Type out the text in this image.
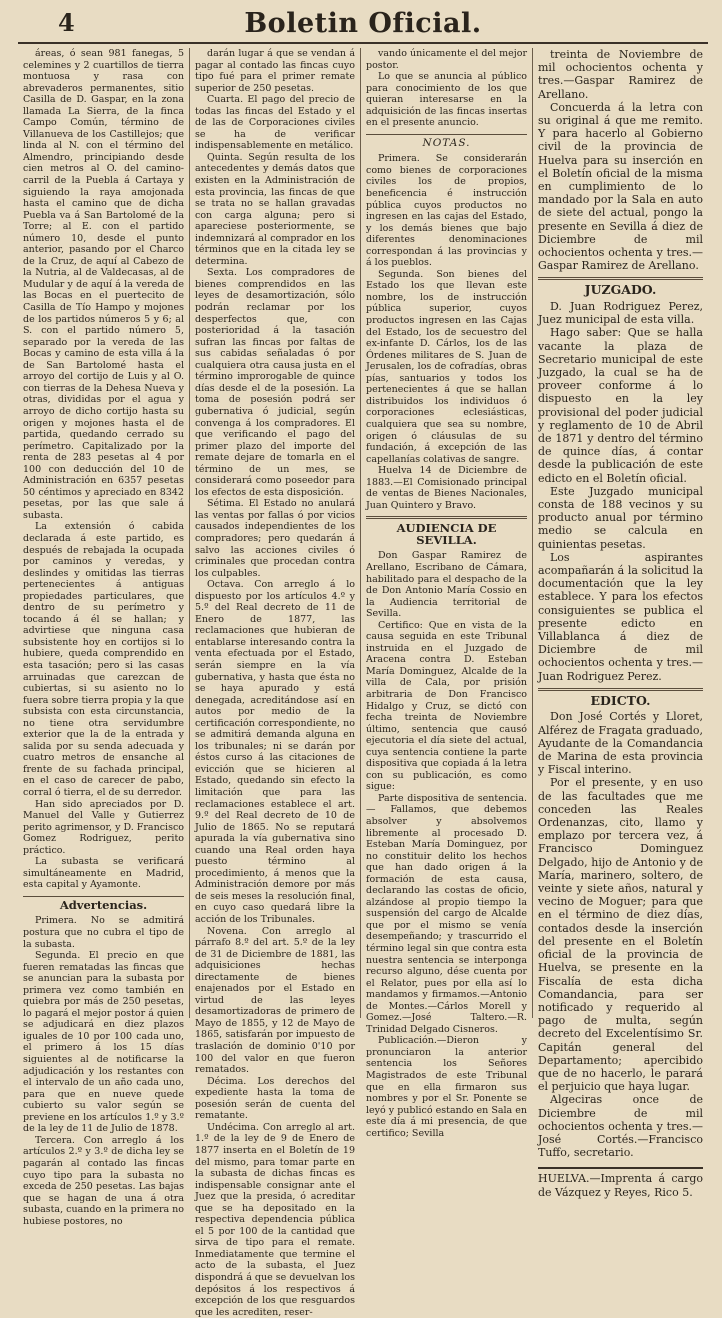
4	Boletin Oficial.

áreas, ó sean 981 fanegas, 5 celemines y 2 cuartillos de tierra montuosa y rasa con abrevaderos permanentes, sitio Casilla de D. Gaspar, en la zona llamada La Sierra, de la finca Campo Común, término de Villanueva de los Castillejos; que linda al N. con el término del Almendro, principiando desde cien metros al O. del camino-carril de la Puebla á Cartaya y siguiendo la raya amojonada hasta el camino que de dicha Puebla va á San Bartolomé de la Torre; al E. con el partido número 10, desde el punto anterior, pasando por el Charco de la Cruz, de aquí al Cabezo de la Nutria, al de Valdecasas, al de Mudular y de aquí á la vereda de las Bocas en el puertecito de Casilla de Tío Hampo y mojones de los partidos números 5 y 6; al S. con el partido número 5, separado por la vereda de las Bocas y camino de esta villa á la de San Bartolomé hasta el arroyo del cortijo de Luis y al O. con tierras de la Dehesa Nueva y otras, divididas por el agua y arroyo de dicho cortijo hasta su origen y mojones hasta el de partida, quedando cerrado su perímetro. Capitalizado por la renta de 283 pesetas al 4 por 100 con deducción del 10 de Administración en 6357 pesetas 50 céntimos y apreciado en 8342 pesetas, por las que sale á subasta.

La extensión ó cabida declarada á este partido, es después de rebajada la ocupada por caminos y veredas, y deslindes y omitidas las tierras pertenecientes á antiguas propiedades particulares, que dentro de su perímetro y tocando á él se hallan; y advirtiese que ninguna casa subsistente hoy en cortijos si lo hubiere, queda comprendido en esta tasación; pero si las casas arruinadas que carezcan de cubiertas, si su asiento no lo fuera sobre tierra propia y la que subsista con esta circunstancia, no tiene otra servidumbre exterior que la de la entrada y salida por su senda adecuada y cuatro metros de ensanche al frente de su fachada principal, en el caso de carecer de pabo, corral ó tierra, el de su derredor.

Han sido apreciados por D. Manuel del Valle y Gutierrez perito agrimensor, y D. Francisco Gomez Rodriguez, perito práctico.

La subasta se verificará simultáneamente en Madrid, esta capital y Ayamonte.

Advertencias.

Primera. No se admitirá postura que no cubra el tipo de la subasta.

Segunda. El precio en que fueren rematadas las fincas que se anuncian para la subasta por primera vez como también en quiebra por más de 250 pesetas, lo pagará el mejor postor á quien se adjudicará en diez plazos iguales de 10 por 100 cada uno, el primero á los 15 días siguientes al de notificarse la adjudicación y los restantes con el intervalo de un año cada uno, para que en nueve quede cubierto su valor según se previene en los artículos 1.º y 3.º de la ley de 11 de Julio de 1878.

Tercera. Con arreglo á los artículos 2.º y 3.º de dicha ley se pagarán al contado las fincas cuyo tipo para la subasta no exceda de 250 pesetas. Las bajas que se hagan de una á otra subasta, cuando en la primera no hubiese postores, no

darán lugar á que se vendan á pagar al contado las fincas cuyo tipo fué para el primer remate superior de 250 pesetas.

Cuarta. El pago del precio de todas las fincas del Estado y el de las de Corporaciones civiles se ha de verificar indispensablemente en metálico.

Quinta. Según resulta de los antecedentes y demás datos que existen en la Administración de esta provincia, las fincas de que se trata no se hallan gravadas con carga alguna; pero si apareciese posteriormente, se indemnizará al comprador en los términos que en la citada ley se determina.

Sexta. Los compradores de bienes comprendidos en las leyes de desamortización, sólo podrán reclamar por los desperfectos que, con posterioridad á la tasación sufran las fincas por faltas de sus cabidas señaladas ó por cualquiera otra causa justa en el término improrogable de quince días desde el de la posesión. La toma de posesión podrá ser gubernativa ó judicial, según convenga á los compradores. El que verificando el pago del primer plazo del importe del remate dejare de tomarla en el término de un mes, se considerará como poseedor para los efectos de esta disposición.

Sétima. El Estado no anulará las ventas por fallas ó por vicios causados independientes de los compradores; pero quedarán á salvo las acciones civiles ó criminales que procedan contra los culpables.

Octava. Con arreglo á lo dispuesto por los artículos 4.º y 5.º del Real decreto de 11 de Enero de 1877, las reclamaciones que hubieran de entablarse interesando contra la venta efectuada por el Estado, serán siempre en la vía gubernativa, y hasta que ésta no se haya apurado y está denegada, acreditándose así en autos por medio de la certificación correspondiente, no se admitirá demanda alguna en los tribunales; ni se darán por éstos curso á las citaciones de evicción que se hicieren al Estado, quedando sin efecto la limitación que para las reclamaciones establece el art. 9.º del Real decreto de 10 de Julio de 1865. No se reputará apurada la vía gubernativa sino cuando una Real orden haya puesto término al procedimiento, á menos que la Administración demore por más de seis meses la resolución final, en cuyo caso quedará libre la acción de los Tribunales.

Novena. Con arreglo al párrafo 8.º del art. 5.º de la ley de 31 de Diciembre de 1881, las adquisiciones hechas directamente de bienes enajenados por el Estado en virtud de las leyes desamortizadoras de primero de Mayo de 1855, y 12 de Mayo de 1865, satisfarán por impuesto de traslación de dominio 0'10 por 100 del valor en que fueron rematados.

Décima. Los derechos del expediente hasta la toma de posesión serán de cuenta del rematante.

Undécima. Con arreglo al art. 1.º de la ley de 9 de Enero de 1877 inserta en el Boletín de 19 del mismo, para tomar parte en la subasta de dichas fincas es indispensable consignar ante el Juez que la presida, ó acreditar que se ha depositado en la respectiva dependencia pública el 5 por 100 de la cantidad que sirva de tipo para el remate. Inmediatamente que termine el acto de la subasta, el Juez dispondrá á que se devuelvan los depósitos á los respectivos á excepción de los que resguardos que les acrediten, reser-

vando únicamente el del mejor postor.

Lo que se anuncia al público para conocimiento de los que quieran interesarse en la adquisición de las fincas insertas en el presente anuncio.

NOTAS.

Primera. Se considerarán como bienes de corporaciones civiles los de propios, beneficencia é instrucción pública cuyos productos no ingresen en las cajas del Estado, y los demás bienes que bajo diferentes denominaciones correspondan á las provincias y á los pueblos.

Segunda. Son bienes del Estado los que llevan este nombre, los de instrucción pública superior, cuyos productos ingresen en las Cajas del Estado, los de secuestro del ex-infante D. Cárlos, los de las Órdenes militares de S. Juan de Jerusalen, los de cofradías, obras pías, santuarios y todos los pertenecientes á que se hallan distribuidos los individuos ó corporaciones eclesiásticas, cualquiera que sea su nombre, origen ó cláusulas de su fundación, á excepción de las capellanías colativas de sangre.

Huelva 14 de Diciembre de 1883.—El Comisionado principal de ventas de Bienes Nacionales, Juan Quintero y Bravo.

AUDIENCIA DE SEVILLA.

Don Gaspar Ramirez de Arellano, Escribano de Cámara, habilitado para el despacho de la de Don Antonio María Cossio en la Audiencia territorial de Sevilla.

Certifico: Que en vista de la causa seguida en este Tribunal instruida en el Juzgado de Aracena contra D. Esteban María Dominguez, Alcalde de la villa de Cala, por prisión arbitraria de Don Francisco Hidalgo y Cruz, se dictó con fecha treinta de Noviembre último, sentencia que causó ejecutoria el día siete del actual, cuya sentencia contiene la parte dispositiva que copiada á la letra con su publicación, es como sigue:

Parte dispositiva de sentencia.— Fallamos, que debemos absolver y absolvemos libremente al procesado D. Esteban María Dominguez, por no constituir delito los hechos que han dado origen á la formación de esta causa, declarando las costas de oficio, alzándose al propio tiempo la suspensión del cargo de Alcalde que por el mismo se venía desempeñando; y trascurrido el término legal sin que contra esta nuestra sentencia se interponga recurso alguno, dése cuenta por el Relator, pues por ella así lo mandamos y firmamos.—Antonio de Montes.—Cárlos Morell y Gomez.—José Taltero.—R. Trinidad Delgado Cisneros.

Publicación.—Dieron y pronunciaron la anterior sentencia los Señores Magistrados de este Tribunal que en ella firmaron sus nombres y por el Sr. Ponente se leyó y publicó estando en Sala en este día á mi presencia, de que certifico; Sevilla

treinta de Noviembre de mil ochocientos ochenta y tres.—Gaspar Ramirez de Arellano.

Concuerda á la letra con su original á que me remito. Y para hacerlo al Gobierno civil de la provincia de Huelva para su inserción en el Boletín oficial de la misma en cumplimiento de lo mandado por la Sala en auto de siete del actual, pongo la presente en Sevilla á diez de Diciembre de mil ochocientos ochenta y tres.—Gaspar Ramirez de Arellano.

JUZGADO.

D. Juan Rodriguez Perez, Juez municipal de esta villa.

Hago saber: Que se halla vacante la plaza de Secretario municipal de este Juzgado, la cual se ha de proveer conforme á lo dispuesto en la ley provisional del poder judicial y reglamento de 10 de Abril de 1871 y dentro del término de quince días, á contar desde la publicación de este edicto en el Boletín oficial.

Este Juzgado municipal consta de 188 vecinos y su producto anual por término medio se calcula en quinientas pesetas.

Los aspirantes acompañarán á la solicitud la documentación que la ley establece. Y para los efectos consiguientes se publica el presente edicto en Villablanca á diez de Diciembre de mil ochocientos ochenta y tres.—Juan Rodriguez Perez.

EDICTO.

Don José Cortés y Lloret, Alférez de Fragata graduado, Ayudante de la Comandancia de Marina de esta provincia y Fiscal interino.

Por el presente, y en uso de las facultades que me conceden las Reales Ordenanzas, cito, llamo y emplazo por tercera vez, á Francisco Dominguez Delgado, hijo de Antonio y de María, marinero, soltero, de veinte y siete años, natural y vecino de Moguer; para que en el término de diez días, contados desde la inserción del presente en el Boletín oficial de la provincia de Huelva, se presente en la Fiscalía de esta dicha Comandancia, para ser notificado y requerido al pago de multa, según decreto del Excelentísimo Sr. Capitán general del Departamento; apercibido que de no hacerlo, le parará el perjuicio que haya lugar.

Algeciras once de Diciembre de mil ochocientos ochenta y tres.—José Cortés.—Francisco Tuffo, secretario.

HUELVA.—Imprenta á cargo de Vázquez y Reyes, Rico 5.
